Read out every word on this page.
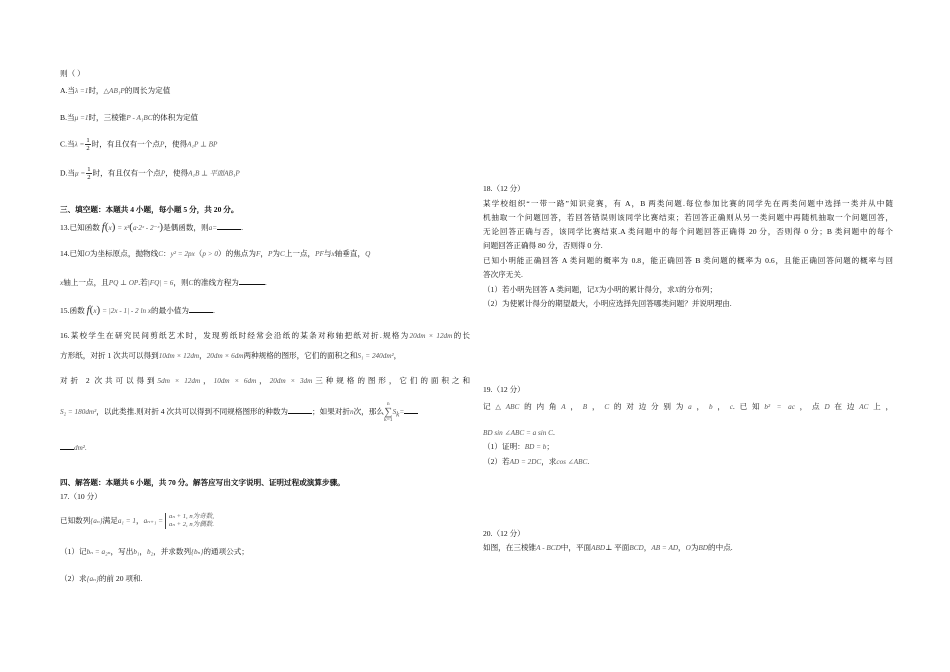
则（ ）
A.当λ =1时，△AB₁P的周长为定值
B.当μ =1时，三棱锥P - A₁BC的体积为定值
C.当$\lambda = \frac{1}{2}$ 时，有且仅有一个点P，使得A₁P ⊥ BP
D.当$\mu = \frac{1}{2}$ 时，有且仅有一个点P，使得A₁B ⊥ 平面AB₁P
三、填空题：本题共 4 小题，每小题 5 分，共 20 分。
13.已知函数 f(x) = x³(a·2ˣ - 2⁻ˣ)是偶函数，则a=	.
14.已知O为坐标原点，抛物线C：y² = 2px（p > 0）的焦点为F，P为C上一点，PF与x轴垂直，Q
x轴上一点，且PQ ⊥ OP.若|FQ| = 6，则C的准线方程为	.
15.函数 f(x) = |2x - 1| - 2 ln x的最小值为	.
16.某校学生在研究民间剪纸艺术时，发现剪纸时经常会沿纸的某条对称轴把纸对折.规格为20dm × 12dm的长
方形纸，对折 1 次共可以得到10dm × 12dm，20dm × 6dm两种规格的图形，它们的面积之和S₁ = 240dm²，
对折 2 次共可以得到5dm × 12dm，10dm × 6dm，20dm × 3dm三种规格的图形，它们的面积之和
S₂ = 180dm²，以此类推.则对折 4 次共可以得到不同规格图形的种数为	；如果对折n次，那么n
∑
$k=1S_k=$
dm².
四、解答题：本题共 6 小题，共 70 分。解答应写出文字说明、证明过程或演算步骤。
17.（10 分）
已知数列{aₙ}满足a₁ = 1，aₙ₊₁ =
aₙ + 1, n为奇数,
aₙ + 2, n为偶数.
（1）记bₙ = a₂ₙ，写出b₁，b₂，并求数列{bₙ}的通项公式；
（2）求{aₙ}的前 20 项和.
18.（12 分）
某学校组织“一带一路”知识竞赛，有 A，B 两类问题.每位参加比赛的同学先在两类问题中选择一类并从中随
机抽取一个问题回答，若回答错误则该同学比赛结束；若回答正确则从另一类问题中再随机抽取一个问题回答，
无论回答正确与否，该同学比赛结束.A 类问题中的每个问题回答正确得 20 分，否则得 0 分；B 类问题中的每个
问题回答正确得 80 分，否则得 0 分.
已知小明能正确回答 A 类问题的概率为 0.8，能正确回答 B 类问题的概率为 0.6，且能正确回答问题的概率与回
答次序无关.
（1）若小明先回答 A 类问题，记X为小明的累计得分，求X的分布列；
（2）为使累计得分的期望最大，小明应选择先回答哪类问题？并说明理由.
19.（12 分）
记△ABC的内角A，B，C的对边分别为a，b，c.已知b² = ac，点D在边AC上，
BD sin ∠ABC = a sin C.
（1）证明：BD = b；
（2）若AD = 2DC，求cos ∠ABC.
20.（12 分）
如图，在三棱锥A - BCD中，平面ABD⊥ 平面BCD，AB = AD，O为BD的中点.
